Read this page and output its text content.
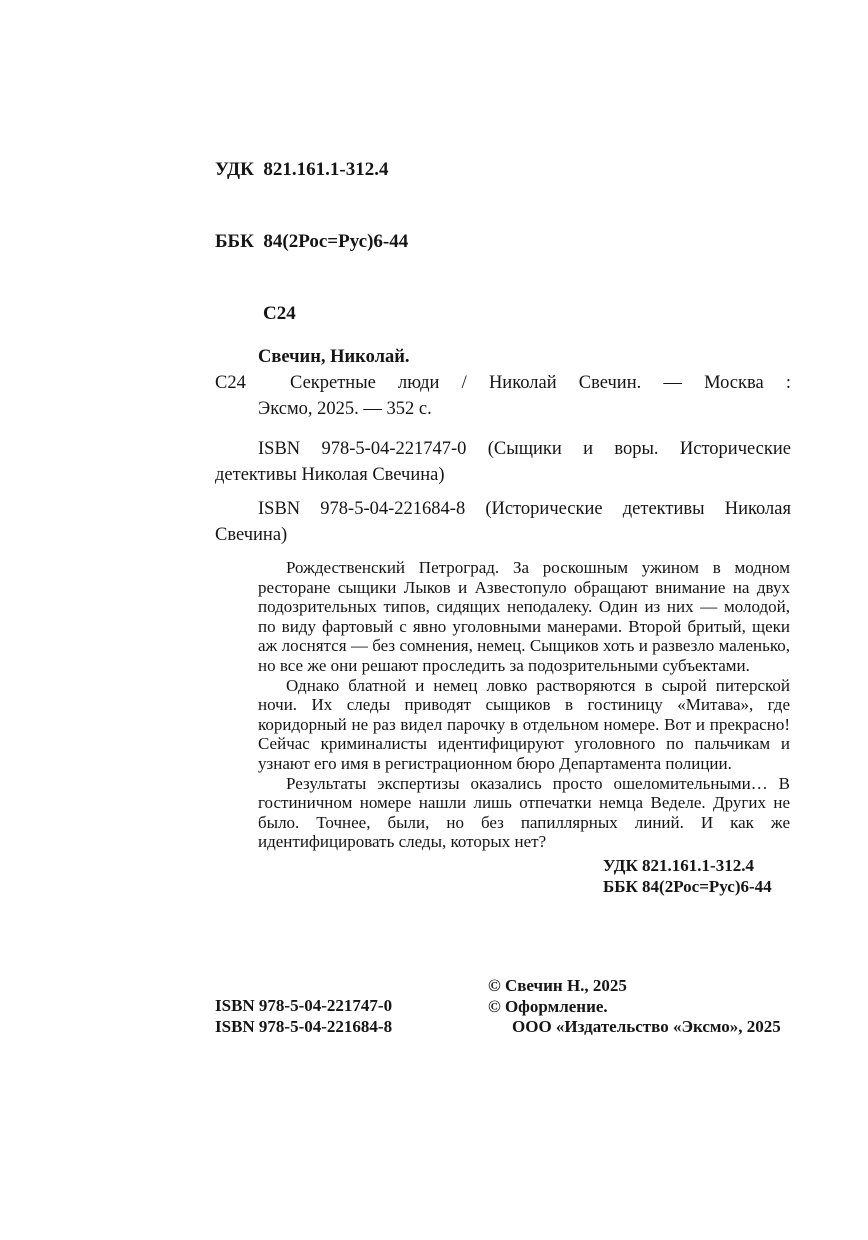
УДК  821.161.1-312.4

ББК  84(2Рос=Рус)6-44

С24

Свечин, Николай.
С24 Секретные люди / Николай Свечин. — Москва :
Эксмо, 2025. — 352 с.

ISBN 978-5-04-221747-0 (Сыщики и воры. Исторические детективы Николая Свечина)

ISBN 978-5-04-221684-8 (Исторические детективы Николая Свечина)

Рождественский Петроград. За роскошным ужином в модном ресторане сыщики Лыков и Азвестопуло обращают внимание на двух подозрительных типов, сидящих неподалеку. Один из них — молодой, по виду фартовый с явно уголовными манерами. Второй бритый, щеки аж лоснятся — без сомнения, немец. Сыщиков хоть и развезло маленько, но все же они решают проследить за подозрительными субъектами.

Однако блатной и немец ловко растворяются в сырой питерской ночи. Их следы приводят сыщиков в гостиницу «Митава», где коридорный не раз видел парочку в отдельном номере. Вот и прекрасно! Сейчас криминалисты идентифицируют уголовного по пальчикам и узнают его имя в регистрационном бюро Департамента полиции.

Результаты экспертизы оказались просто ошеломительными… В гостиничном номере нашли лишь отпечатки немца Веделе. Других не было. Точнее, были, но без папиллярных линий. И как же идентифицировать следы, которых нет?

УДК 821.161.1-312.4
ББК 84(2Рос=Рус)6-44
ISBN 978-5-04-221747-0
ISBN 978-5-04-221684-8
© Свечин Н., 2025
© Оформление.
ООО «Издательство «Эксмо», 2025
